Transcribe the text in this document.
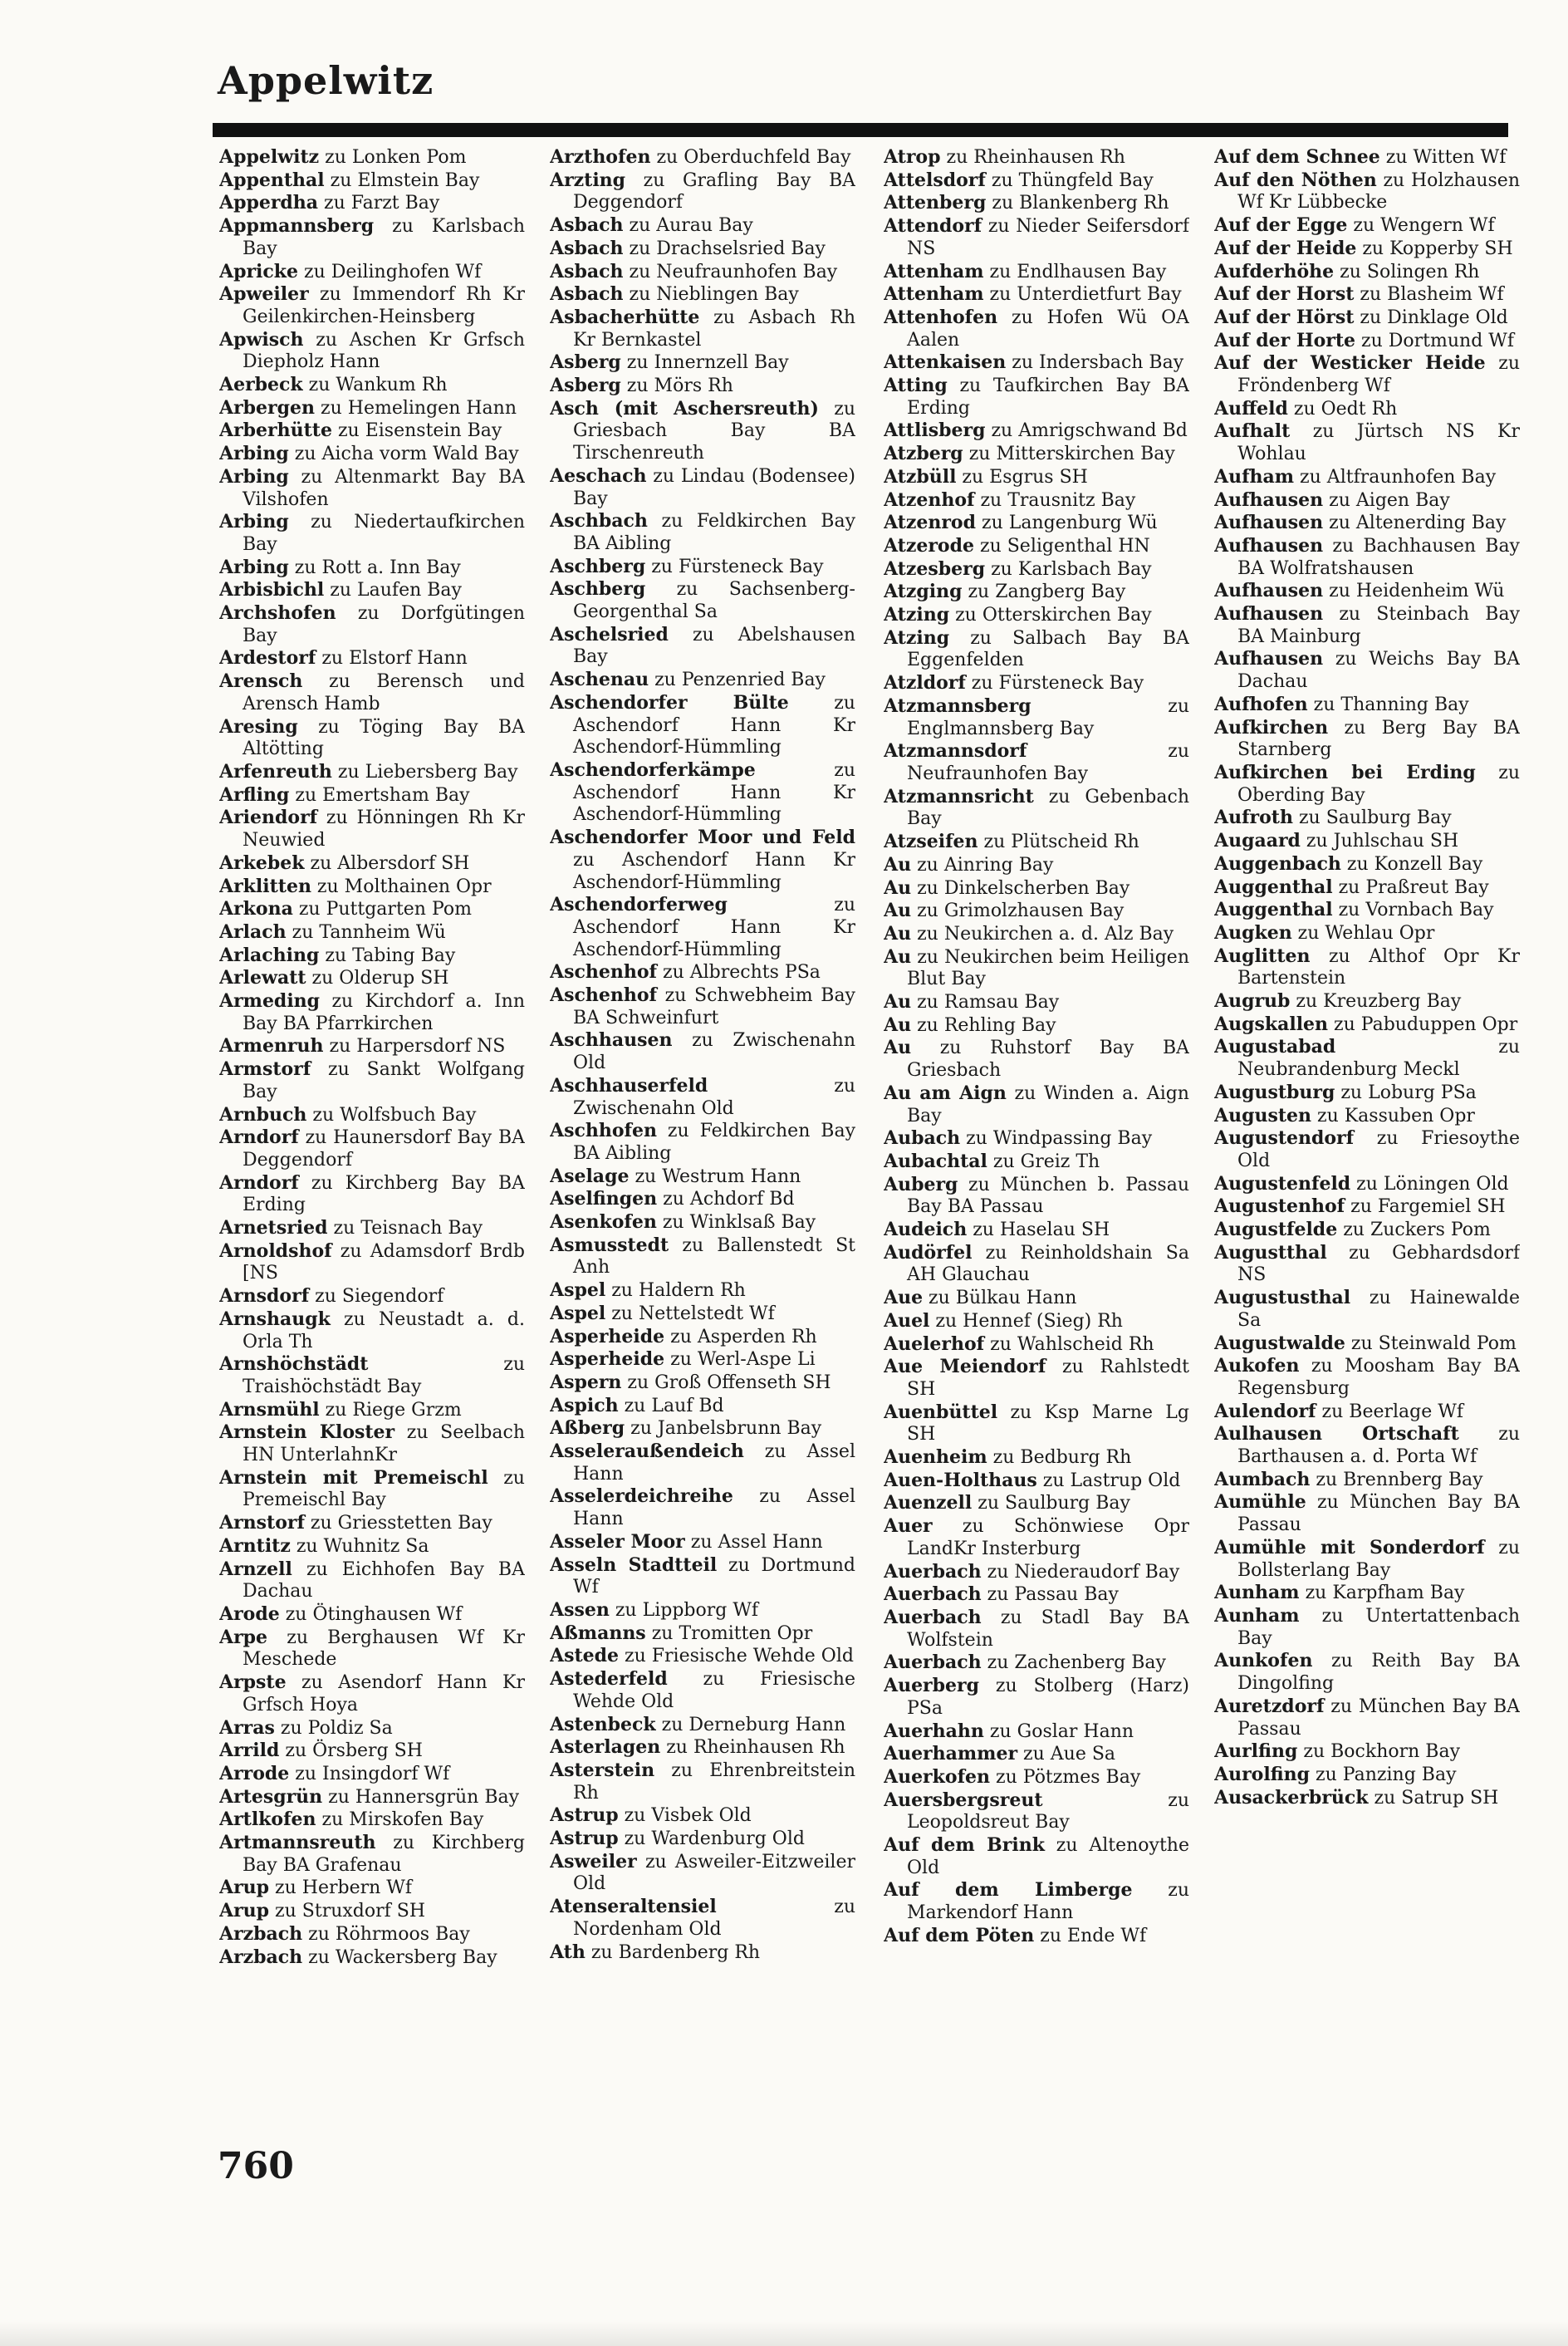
Appelwitz
Appelwitz zu Lonken Pom
Appenthal zu Elmstein Bay
Apperdha zu Farzt Bay
Appmannsberg zu Karlsbach Bay
Apricke zu Deilinghofen Wf
Apweiler zu Immendorf Rh Kr Geilenkirchen-Heinsberg
Apwisch zu Aschen Kr Grfsch Diepholz Hann
Aerbeck zu Wankum Rh
Arbergen zu Hemelingen Hann
Arberhütte zu Eisenstein Bay
Arbing zu Aicha vorm Wald Bay
Arbing zu Altenmarkt Bay BA Vilshofen
Arbing zu Niedertaufkirchen Bay
Arbing zu Rott a. Inn Bay
Arbisbichl zu Laufen Bay
Archshofen zu Dorfgütingen Bay
Ardestorf zu Elstorf Hann
Arensch zu Berensch und Arensch Hamb
Aresing zu Töging Bay BA Altötting
Arfenreuth zu Liebersberg Bay
Arfling zu Emertsham Bay
Ariendorf zu Hönningen Rh Kr Neuwied
Arkebek zu Albersdorf SH
Arklitten zu Molthainen Opr
Arkona zu Puttgarten Pom
Arlach zu Tannheim Wü
Arlaching zu Tabing Bay
Arlewatt zu Olderup SH
Armeding zu Kirchdorf a. Inn Bay BA Pfarrkirchen
Armenruh zu Harpersdorf NS
Armstorf zu Sankt Wolfgang Bay
Arnbuch zu Wolfsbuch Bay
Arndorf zu Haunersdorf Bay BA Deggendorf
Arndorf zu Kirchberg Bay BA Erding
Arnetsried zu Teisnach Bay
Arnoldshof zu Adamsdorf Brdb [NS
Arnsdorf zu Siegendorf
Arnshaugk zu Neustadt a. d. Orla Th
Arnshöchstädt zu Traishöchstädt Bay
Arnsmühl zu Riege Grzm
Arnstein Kloster zu Seelbach HN UnterlahnKr
Arnstein mit Premeischl zu Premeischl Bay
Arnstorf zu Griesstetten Bay
Arntitz zu Wuhnitz Sa
Arnzell zu Eichhofen Bay BA Dachau
Arode zu Ötinghausen Wf
Arpe zu Berghausen Wf Kr Meschede
Arpste zu Asendorf Hann Kr Grfsch Hoya
Arras zu Poldiz Sa
Arrild zu Örsberg SH
Arrode zu Insingdorf Wf
Artesgrün zu Hannersgrün Bay
Artlkofen zu Mirskofen Bay
Artmannsreuth zu Kirchberg Bay BA Grafenau
Arup zu Herbern Wf
Arup zu Struxdorf SH
Arzbach zu Röhrmoos Bay
Arzbach zu Wackersberg Bay
Arzthofen zu Oberduchfeld Bay
Arzting zu Grafling Bay BA Deggendorf
Asbach zu Aurau Bay
Asbach zu Drachselsried Bay
Asbach zu Neufraunhofen Bay
Asbach zu Nieblingen Bay
Asbacherhütte zu Asbach Rh Kr Bernkastel
Asberg zu Innernzell Bay
Asberg zu Mörs Rh
Asch (mit Aschersreuth) zu Griesbach Bay BA Tirschenreuth
Aeschach zu Lindau (Bodensee) Bay
Aschbach zu Feldkirchen Bay BA Aibling
Aschberg zu Fürsteneck Bay
Aschberg zu Sachsenberg-Georgenthal Sa
Aschelsried zu Abelshausen Bay
Aschenau zu Penzenried Bay
Aschendorfer Bülte zu Aschendorf Hann Kr Aschendorf-Hümmling
Aschendorferkämpe zu Aschendorf Hann Kr Aschendorf-Hümmling
Aschendorfer Moor und Feld zu Aschendorf Hann Kr Aschendorf-Hümmling
Aschendorferweg zu Aschendorf Hann Kr Aschendorf-Hümmling
Aschenhof zu Albrechts PSa
Aschenhof zu Schwebheim Bay BA Schweinfurt
Aschhausen zu Zwischenahn Old
Aschhauserfeld zu Zwischenahn Old
Aschhofen zu Feldkirchen Bay BA Aibling
Aselage zu Westrum Hann
Aselfingen zu Achdorf Bd
Asenkofen zu Winklsaß Bay
Asmusstedt zu Ballenstedt St Anh
Aspel zu Haldern Rh
Aspel zu Nettelstedt Wf
Asperheide zu Asperden Rh
Asperheide zu Werl-Aspe Li
Aspern zu Groß Offenseth SH
Aspich zu Lauf Bd
Aßberg zu Janbelsbrunn Bay
Asseleraußendeich zu Assel Hann
Asselerdeichreihe zu Assel Hann
Asseler Moor zu Assel Hann
Asseln Stadtteil zu Dortmund Wf
Assen zu Lippborg Wf
Aßmanns zu Tromitten Opr
Astede zu Friesische Wehde Old
Astederfeld zu Friesische Wehde Old
Astenbeck zu Derneburg Hann
Asterlagen zu Rheinhausen Rh
Asterstein zu Ehrenbreitstein Rh
Astrup zu Visbek Old
Astrup zu Wardenburg Old
Asweiler zu Asweiler-Eitzweiler Old
Atenseraltensiel zu Nordenham Old
Ath zu Bardenberg Rh
Atrop zu Rheinhausen Rh
Attelsdorf zu Thüngfeld Bay
Attenberg zu Blankenberg Rh
Attendorf zu Nieder Seifersdorf NS
Attenham zu Endlhausen Bay
Attenham zu Unterdietfurt Bay
Attenhofen zu Hofen Wü OA Aalen
Attenkaisen zu Indersbach Bay
Atting zu Taufkirchen Bay BA Erding
Attlisberg zu Amrigschwand Bd
Atzberg zu Mitterskirchen Bay
Atzbüll zu Esgrus SH
Atzenhof zu Trausnitz Bay
Atzenrod zu Langenburg Wü
Atzerode zu Seligenthal HN
Atzesberg zu Karlsbach Bay
Atzging zu Zangberg Bay
Atzing zu Otterskirchen Bay
Atzing zu Salbach Bay BA Eggenfelden
Atzldorf zu Fürsteneck Bay
Atzmannsberg zu Englmannsberg Bay
Atzmannsdorf zu Neufraunhofen Bay
Atzmannsricht zu Gebenbach Bay
Atzseifen zu Plütscheid Rh
Au zu Ainring Bay
Au zu Dinkelscherben Bay
Au zu Grimolzhausen Bay
Au zu Neukirchen a. d. Alz Bay
Au zu Neukirchen beim Heiligen Blut Bay
Au zu Ramsau Bay
Au zu Rehling Bay
Au zu Ruhstorf Bay BA Griesbach
Au am Aign zu Winden a. Aign Bay
Aubach zu Windpassing Bay
Aubachtal zu Greiz Th
Auberg zu München b. Passau Bay BA Passau
Audeich zu Haselau SH
Audörfel zu Reinholdshain Sa AH Glauchau
Aue zu Bülkau Hann
Auel zu Hennef (Sieg) Rh
Auelerhof zu Wahlscheid Rh
Aue Meiendorf zu Rahlstedt SH
Auenbüttel zu Ksp Marne Lg SH
Auenheim zu Bedburg Rh
Auen-Holthaus zu Lastrup Old
Auenzell zu Saulburg Bay
Auer zu Schönwiese Opr LandKr Insterburg
Auerbach zu Niederaudorf Bay
Auerbach zu Passau Bay
Auerbach zu Stadl Bay BA Wolfstein
Auerbach zu Zachenberg Bay
Auerberg zu Stolberg (Harz) PSa
Auerhahn zu Goslar Hann
Auerhammer zu Aue Sa
Auerkofen zu Pötzmes Bay
Auersbergsreut zu Leopoldsreut Bay
Auf dem Brink zu Altenoythe Old
Auf dem Limberge zu Markendorf Hann
Auf dem Pöten zu Ende Wf
Auf dem Schnee zu Witten Wf
Auf den Nöthen zu Holzhausen Wf Kr Lübbecke
Auf der Egge zu Wengern Wf
Auf der Heide zu Kopperby SH
Aufderhöhe zu Solingen Rh
Auf der Horst zu Blasheim Wf
Auf der Hörst zu Dinklage Old
Auf der Horte zu Dortmund Wf
Auf der Westicker Heide zu Fröndenberg Wf
Auffeld zu Oedt Rh
Aufhalt zu Jürtsch NS Kr Wohlau
Aufham zu Altfraunhofen Bay
Aufhausen zu Aigen Bay
Aufhausen zu Altenerding Bay
Aufhausen zu Bachhausen Bay BA Wolfratshausen
Aufhausen zu Heidenheim Wü
Aufhausen zu Steinbach Bay BA Mainburg
Aufhausen zu Weichs Bay BA Dachau
Aufhofen zu Thanning Bay
Aufkirchen zu Berg Bay BA Starnberg
Aufkirchen bei Erding zu Oberding Bay
Aufroth zu Saulburg Bay
Augaard zu Juhlschau SH
Auggenbach zu Konzell Bay
Auggenthal zu Praßreut Bay
Auggenthal zu Vornbach Bay
Augken zu Wehlau Opr
Auglitten zu Althof Opr Kr Bartenstein
Augrub zu Kreuzberg Bay
Augskallen zu Pabuduppen Opr
Augustabad zu Neubrandenburg Meckl
Augustburg zu Loburg PSa
Augusten zu Kassuben Opr
Augustendorf zu Friesoythe Old
Augustenfeld zu Löningen Old
Augustenhof zu Fargemiel SH
Augustfelde zu Zuckers Pom
Augustthal zu Gebhardsdorf NS
Augustusthal zu Hainewalde Sa
Augustwalde zu Steinwald Pom
Aukofen zu Moosham Bay BA Regensburg
Aulendorf zu Beerlage Wf
Aulhausen Ortschaft zu Barthausen a. d. Porta Wf
Aumbach zu Brennberg Bay
Aumühle zu München Bay BA Passau
Aumühle mit Sonderdorf zu Bollsterlang Bay
Aunham zu Karpfham Bay
Aunham zu Untertattenbach Bay
Aunkofen zu Reith Bay BA Dingolfing
Auretzdorf zu München Bay BA Passau
Aurlfing zu Bockhorn Bay
Aurolfing zu Panzing Bay
Ausackerbrück zu Satrup SH
760
